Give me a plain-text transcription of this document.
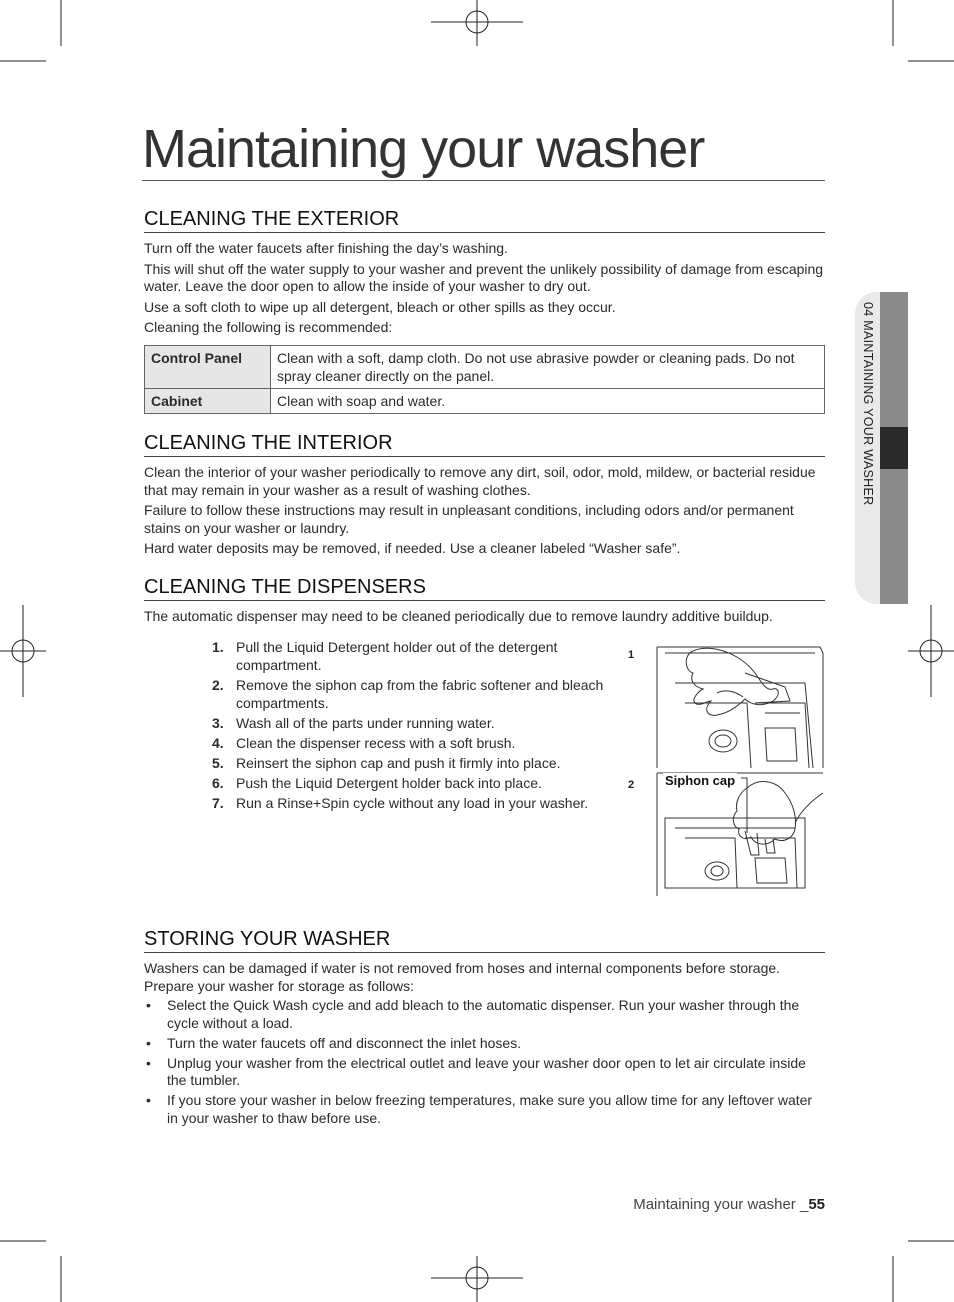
04 MAINTAINING YOUR WASHER
Maintaining your washer
CLEANING THE EXTERIOR

Turn off the water faucets after finishing the day’s washing.

This will shut off the water supply to your washer and prevent the unlikely possibility of damage from escaping water. Leave the door open to allow the inside of your washer to dry out.

Use a soft cloth to wipe up all detergent, bleach or other spills as they occur.

Cleaning the following is recommended:

Control Panel	Clean with a soft, damp cloth. Do not use abrasive powder or cleaning pads. Do not spray cleaner directly on the panel.
Cabinet	Clean with soap and water.
CLEANING THE INTERIOR

Clean the interior of your washer periodically to remove any dirt, soil, odor, mold, mildew, or bacterial residue that may remain in your washer as a result of washing clothes.

Failure to follow these instructions may result in unpleasant conditions, including odors and/or permanent stains on your washer or laundry.

Hard water deposits may be removed, if needed. Use a cleaner labeled “Washer safe”.

CLEANING THE DISPENSERS

The automatic dispenser may need to be cleaned periodically due to remove laundry additive buildup.

1. Pull the Liquid Detergent holder out of the detergent compartment.
2. Remove the siphon cap from the fabric softener and bleach compartments.
3. Wash all of the parts under running water.
4. Clean the dispenser recess with a soft brush.
5. Reinsert the siphon cap and push it firmly into place.
6. Push the Liquid Detergent holder back into place.
7. Run a Rinse+Spin cycle without any load in your washer.
1
2 Siphon cap
STORING YOUR WASHER

Washers can be damaged if water is not removed from hoses and internal components before storage. Prepare your washer for storage as follows:

• Select the Quick Wash cycle and add bleach to the automatic dispenser. Run your washer through the cycle without a load.
• Turn the water faucets off and disconnect the inlet hoses.
• Unplug your washer from the electrical outlet and leave your washer door open to let air circulate inside the tumbler.
• If you store your washer in below freezing temperatures, make sure you allow time for any leftover water in your washer to thaw before use.
Maintaining your washer _55
